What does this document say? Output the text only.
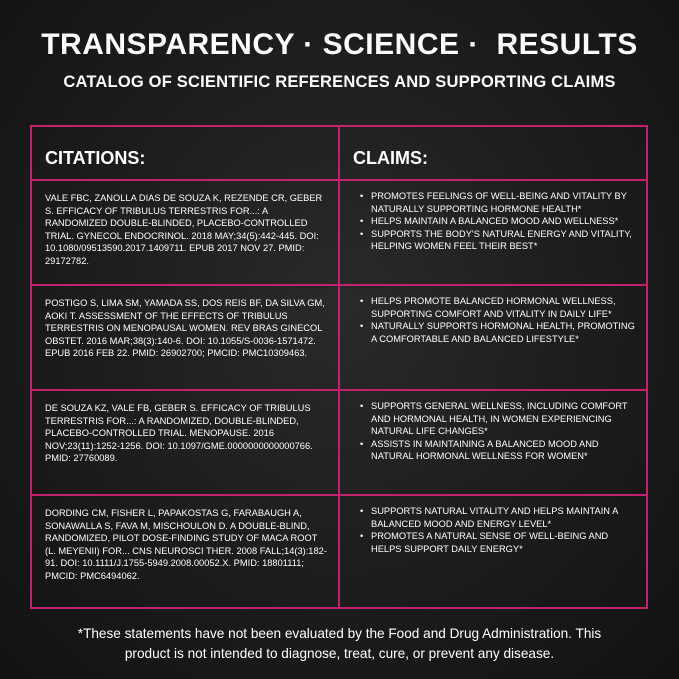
TRANSPARENCY · SCIENCE ·  RESULTS
CATALOG OF SCIENTIFIC REFERENCES AND SUPPORTING CLAIMS
CITATIONS:	CLAIMS:
VALE FBC, ZANOLLA DIAS DE SOUZA K, REZENDE CR, GEBER S. EFFICACY OF TRIBULUS TERRESTRIS FOR...: A RANDOMIZED DOUBLE-BLINDED, PLACEBO-CONTROLLED TRIAL. GYNECOL ENDOCRINOL. 2018 MAY;34(5):442-445. DOI: 10.1080/09513590.2017.1409711. EPUB 2017 NOV 27. PMID: 29172782.
• PROMOTES FEELINGS OF WELL-BEING AND VITALITY BY NATURALLY SUPPORTING HORMONE HEALTH*
• HELPS MAINTAIN A BALANCED MOOD AND WELLNESS*
• SUPPORTS THE BODY'S NATURAL ENERGY AND VITALITY, HELPING WOMEN FEEL THEIR BEST*
POSTIGO S, LIMA SM, YAMADA SS, DOS REIS BF, DA SILVA GM, AOKI T. ASSESSMENT OF THE EFFECTS OF TRIBULUS TERRESTRIS ON MENOPAUSAL WOMEN. REV BRAS GINECOL OBSTET. 2016 MAR;38(3):140-6. DOI: 10.1055/S-0036-1571472. EPUB 2016 FEB 22. PMID: 26902700; PMCID: PMC10309463.
• HELPS PROMOTE BALANCED HORMONAL WELLNESS, SUPPORTING COMFORT AND VITALITY IN DAILY LIFE*
• NATURALLY SUPPORTS HORMONAL HEALTH, PROMOTING A COMFORTABLE AND BALANCED LIFESTYLE*
DE SOUZA KZ, VALE FB, GEBER S. EFFICACY OF TRIBULUS TERRESTRIS FOR...: A RANDOMIZED, DOUBLE-BLINDED, PLACEBO-CONTROLLED TRIAL. MENOPAUSE. 2016 NOV;23(11):1252-1256. DOI: 10.1097/GME.0000000000000766. PMID: 27760089.
• SUPPORTS GENERAL WELLNESS, INCLUDING COMFORT AND HORMONAL HEALTH, IN WOMEN EXPERIENCING NATURAL LIFE CHANGES*
• ASSISTS IN MAINTAINING A BALANCED MOOD AND NATURAL HORMONAL WELLNESS FOR WOMEN*
DORDING CM, FISHER L, PAPAKOSTAS G, FARABAUGH A, SONAWALLA S, FAVA M, MISCHOULON D. A DOUBLE-BLIND, RANDOMIZED, PILOT DOSE-FINDING STUDY OF MACA ROOT (L. MEYENII) FOR... CNS NEUROSCI THER. 2008 FALL;14(3):182-91. DOI: 10.1111/J.1755-5949.2008.00052.X. PMID: 18801111; PMCID: PMC6494062.
• SUPPORTS NATURAL VITALITY AND HELPS MAINTAIN A BALANCED MOOD AND ENERGY LEVEL*
• PROMOTES A NATURAL SENSE OF WELL-BEING AND HELPS SUPPORT DAILY ENERGY*
*These statements have not been evaluated by the Food and Drug Administration. This
product is not intended to diagnose, treat, cure, or prevent any disease.
